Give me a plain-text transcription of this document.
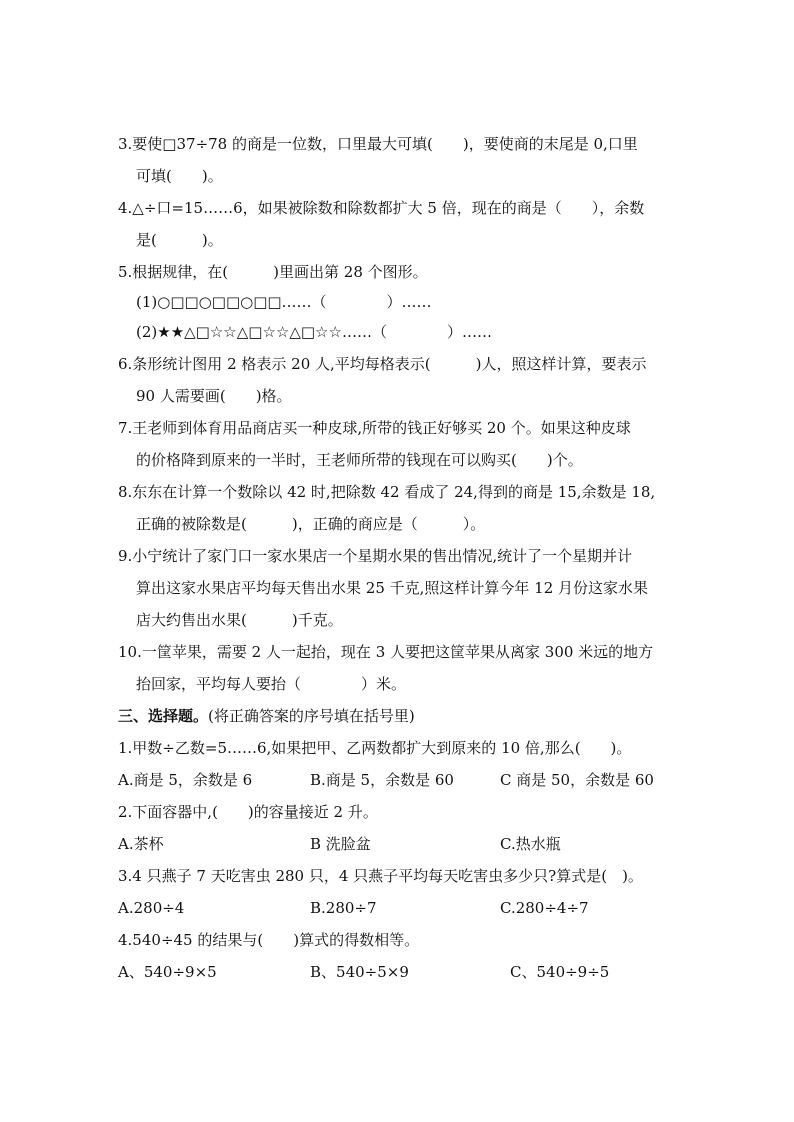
3.要使□37÷78 的商是一位数，口里最大可填(　　)，要使商的末尾是 0,口里
可填(　　)。
4.△÷口=15……6，如果被除数和除数都扩大 5 倍，现在的商是（　　），余数
是(　　　)。
5.根据规律，在(　　　)里画出第 28 个图形。
(1)○□□○□□○□□……（　　　　）……
(2)★★△□☆☆△□☆☆△□☆☆……（　　　　）……
6.条形统计图用 2 格表示 20 人,平均每格表示(　　　)人，照这样计算，要表示
90 人需要画(　　)格。
7.王老师到体育用品商店买一种皮球,所带的钱正好够买 20 个。如果这种皮球
的价格降到原来的一半时，王老师所带的钱现在可以购买(　　)个。
8.东东在计算一个数除以 42 时,把除数 42 看成了 24,得到的商是 15,余数是 18,
正确的被除数是(　　　)，正确的商应是（　　　）。
9.小宁统计了家门口一家水果店一个星期水果的售出情况,统计了一个星期并计
算出这家水果店平均每天售出水果 25 千克,照这样计算今年 12 月份这家水果
店大约售出水果(　　　)千克。
10.一筐苹果，需要 2 人一起抬，现在 3 人要把这筐苹果从离家 300 米远的地方
抬回家，平均每人要抬（　　　　）米。
三、选择题。(将正确答案的序号填在括号里)
1.甲数÷乙数=5……6,如果把甲、乙两数都扩大到原来的 10 倍,那么(　　)。
A.商是 5，余数是 6	B.商是 5，余数是 60	C 商是 50，余数是 60
2.下面容器中,(　　)的容量接近 2 升。
A.茶杯	B 洗脸盆	C.热水瓶
3.4 只燕子 7 天吃害虫 280 只，4 只燕子平均每天吃害虫多少只?算式是(　)。
A.280÷4	B.280÷7	C.280÷4÷7
4.540÷45 的结果与(　　)算式的得数相等。
A、540÷9×5	B、540÷5×9	C、540÷9÷5
